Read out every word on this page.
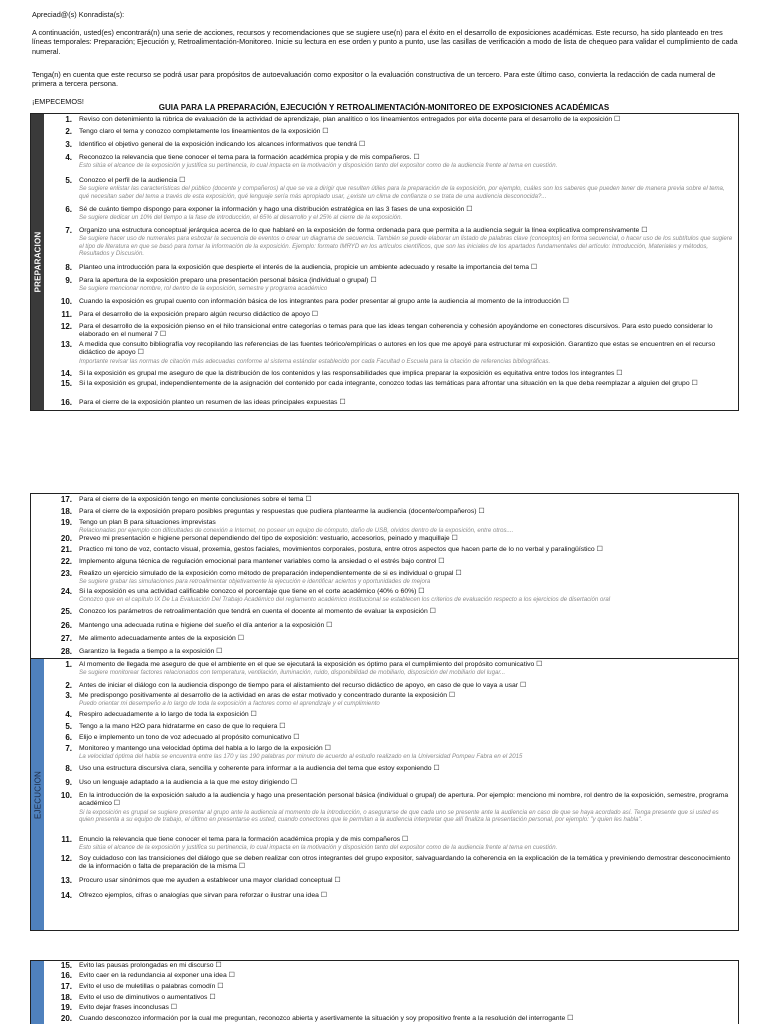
Apreciad@(s) Konradista(s):

A continuación, usted(es) encontrará(n) una serie de acciones, recursos y recomendaciones que se sugiere use(n) para el éxito en el desarrollo de exposiciones académicas. Este recurso, ha sido planteado en tres líneas temporales: Preparación; Ejecución y, Retroalimentación-Monitoreo. Inicie su lectura en ese orden y punto a punto, use las casillas de verificación a modo de lista de chequeo para validar el cumplimiento de cada numeral.

Tenga(n) en cuenta que este recurso se podrá usar para propósitos de autoevaluación como expositor o la evaluación constructiva de un tercero. Para este último caso, convierta la redacción de cada numeral de primera a tercera persona.

¡EMPECEMOS!

GUIA PARA LA PREPARACIÓN, EJECUCIÓN Y RETROALIMENTACIÓN-MONITOREO DE EXPOSICIONES ACADÉMICAS
PREPARACION
1. Reviso con detenimiento la rúbrica de evaluación de la actividad de aprendizaje, plan analítico o los lineamientos entregados por el/la docente para el desarrollo de la exposición ☐
2. Tengo claro el tema y conozco completamente los lineamientos de la exposición ☐
3. Identifico el objetivo general de la exposición indicando los alcances informativos que tendrá ☐
4. Reconozco la relevancia que tiene conocer el tema para la formación académica propia y de mis compañeros. ☐
Esto sitúa el alcance de la exposición y justifica su pertinencia, lo cual impacta en la motivación y disposición tanto del expositor como de la audiencia frente al tema en cuestión.
5. Conozco el perfil de la audiencia ☐
Se sugiere enlistar las características del público (docente y compañeros) al que se va a dirigir que resulten útiles para la preparación de la exposición, por ejemplo, cuáles son los saberes que pueden tener de manera previa sobre el tema, qué necesitan saber del tema a través de esta exposición, qué lenguaje sería más apropiado usar, ¿existe un clima de confianza o se trata de una audiencia desconocida?...
6. Sé de cuánto tiempo dispongo para exponer la información y hago una distribución estratégica en las 3 fases de una exposición ☐
Se sugiere dedicar un 10% del tiempo a la fase de introducción, el 65% al desarrollo y el 25% al cierre de la exposición.
7. Organizo una estructura conceptual jerárquica acerca de lo que hablaré en la exposición de forma ordenada para que permita a la audiencia seguir la línea explicativa comprensivamente ☐
Se sugiere hacer uso de numerales para esbozar la secuencia de eventos o crear un diagrama de secuencia. También se puede elaborar un listado de palabras clave (conceptos) en forma secuencial, o hacer uso de los subtítulos que sugiere el tipo de literatura en que se basó para tomar la información de la exposición. Ejemplo: formato IMRYD en los artículos científicos, que son las iniciales de los apartados fundamentales del artículo: Introducción, Materiales y métodos, Resultados y Discusión.
8. Planteo una introducción para la exposición que despierte el interés de la audiencia, propicie un ambiente adecuado y resalte la importancia del tema ☐
9. Para la apertura de la exposición preparo una presentación personal básica (individual o grupal) ☐
Se sugiere mencionar nombre, rol dentro de la exposición, semestre y programa académico
10. Cuando la exposición es grupal cuento con información básica de los integrantes para poder presentar al grupo ante la audiencia al momento de la introducción ☐
11. Para el desarrollo de la exposición preparo algún recurso didáctico de apoyo ☐
12. Para el desarrollo de la exposición pienso en el hilo transicional entre categorías o temas para que las ideas tengan coherencia y cohesión apoyándome en conectores discursivos. Para esto puedo considerar lo elaborado en el numeral 7 ☐
13. A medida que consulto bibliografía voy recopilando las referencias de las fuentes teórico/empíricas o autores en los que me apoyé para estructurar mi exposición. Garantizo que estas se encuentren en el recurso didáctico de apoyo ☐
Importante revisar las normas de citación más adecuadas conforme al sistema estándar establecido por cada Facultad o Escuela para la citación de referencias bibliográficas.
14. Si la exposición es grupal me aseguro de que la distribución de los contenidos y las responsabilidades que implica preparar la exposición es equitativa entre todos los integrantes ☐
15. Si la exposición es grupal, independientemente de la asignación del contenido por cada integrante, conozco todas las temáticas para afrontar una situación en la que deba reemplazar a alguien del grupo ☐
16. Para el cierre de la exposición planteo un resumen de las ideas principales expuestas ☐
17. Para el cierre de la exposición tengo en mente conclusiones sobre el tema ☐
18. Para el cierre de la exposición preparo posibles preguntas y respuestas que pudiera plantearme la audiencia (docente/compañeros) ☐
19. Tengo un plan B para situaciones imprevistas
Relacionadas por ejemplo con dificultades de conexión a Internet, no poseer un equipo de cómputo, daño de USB, olvidos dentro de la exposición, entre otros....
20. Preveo mi presentación e higiene personal dependiendo del tipo de exposición: vestuario, accesorios, peinado y maquillaje ☐
21. Practico mi tono de voz, contacto visual, proxemia, gestos faciales, movimientos corporales, postura, entre otros aspectos que hacen parte de lo no verbal y paralingüístico ☐
22. Implemento alguna técnica de regulación emocional para mantener variables como la ansiedad o el estrés bajo control ☐
23. Realizo un ejercicio simulado de la exposición como método de preparación independientemente de si es individual o grupal ☐
Se sugiere grabar las simulaciones para retroalimentar objetivamente la ejecución e identificar aciertos y oportunidades de mejora
24. Si la exposición es una actividad calificable conozco el porcentaje que tiene en el corte académico (40% o 60%) ☐
Conozco que en el capítulo IX De La Evaluación Del Trabajo Académico del reglamento académico institucional se establecen los criterios de evaluación respecto a los ejercicios de disertación oral
25. Conozco los parámetros de retroalimentación que tendrá en cuenta el docente al momento de evaluar la exposición ☐
26. Mantengo una adecuada rutina e higiene del sueño el día anterior a la exposición ☐
27. Me alimento adecuadamente antes de la exposición ☐
28. Garantizo la llegada a tiempo a la exposición ☐
EJECUCION
1. Al momento de llegada me aseguro de que el ambiente en el que se ejecutará la exposición es óptimo para el cumplimiento del propósito comunicativo ☐
Se sugiere monitorear factores relacionados con temperatura, ventilación, iluminación, ruido, disponibilidad de mobiliario, disposición del mobiliario del lugar...
2. Antes de iniciar el diálogo con la audiencia dispongo de tiempo para el alistamiento del recurso didáctico de apoyo, en caso de que lo vaya a usar ☐
3. Me predispongo positivamente al desarrollo de la actividad en aras de estar motivado y concentrado durante la exposición ☐
Puedo orientar mi desempeño a lo largo de toda la exposición a factores como el aprendizaje y el cumplimiento
4. Respiro adecuadamente a lo largo de toda la exposición ☐
5. Tengo a la mano H2O para hidratarme en caso de que lo requiera ☐
6. Elijo e implemento un tono de voz adecuado al propósito comunicativo ☐
7. Monitoreo y mantengo una velocidad óptima del habla a lo largo de la exposición ☐
La velocidad óptima del habla se encuentra entre las 170 y las 190 palabras por minuto de acuerdo al estudio realizado en la Universidad Pompeu Fabra en el 2015
8. Uso una estructura discursiva clara, sencilla y coherente para informar a la audiencia del tema que estoy exponiendo ☐
9. Uso un lenguaje adaptado a la audiencia a la que me estoy dirigiendo ☐
10. En la introducción de la exposición saludo a la audiencia y hago una presentación personal básica (individual o grupal) de apertura. Por ejemplo: menciono mi nombre, rol dentro de la exposición, semestre, programa académico ☐
Si la exposición es grupal se sugiere presentar al grupo ante la audiencia al momento de la introducción, o asegurarse de que cada uno se presente ante la audiencia en caso de que se haya acordado así. Tenga presente que si usted es quien presenta a su equipo de trabajo, el último en presentarse es usted, cuando conectores que le permitan a la audiencia interpretar que allí finaliza la presentación personal, por ejemplo: "y quien les habla".
11. Enuncio la relevancia que tiene conocer el tema para la formación académica propia y de mis compañeros ☐
Esto sitúa el alcance de la exposición y justifica su pertinencia, lo cual impacta en la motivación y disposición tanto del expositor como de la audiencia frente al tema en cuestión.
12. Soy cuidadoso con las transiciones del diálogo que se deben realizar con otros integrantes del grupo expositor, salvaguardando la coherencia en la explicación de la temática y previniendo demostrar desconocimiento de la información o falta de preparación de la misma ☐
13. Procuro usar sinónimos que me ayuden a establecer una mayor claridad conceptual ☐
14. Ofrezco ejemplos, cifras o analogías que sirvan para reforzar o ilustrar una idea ☐
15. Evito las pausas prolongadas en mi discurso ☐
16. Evito caer en la redundancia al exponer una idea ☐
17. Evito el uso de muletillas o palabras comodín ☐
18. Evito el uso de diminutivos o aumentativos ☐
19. Evito dejar frases inconclusas ☐
20. Cuando desconozco información por la cual me preguntan, reconozco abierta y asertivamente la situación y soy propositivo frente a la resolución del interrogante ☐
